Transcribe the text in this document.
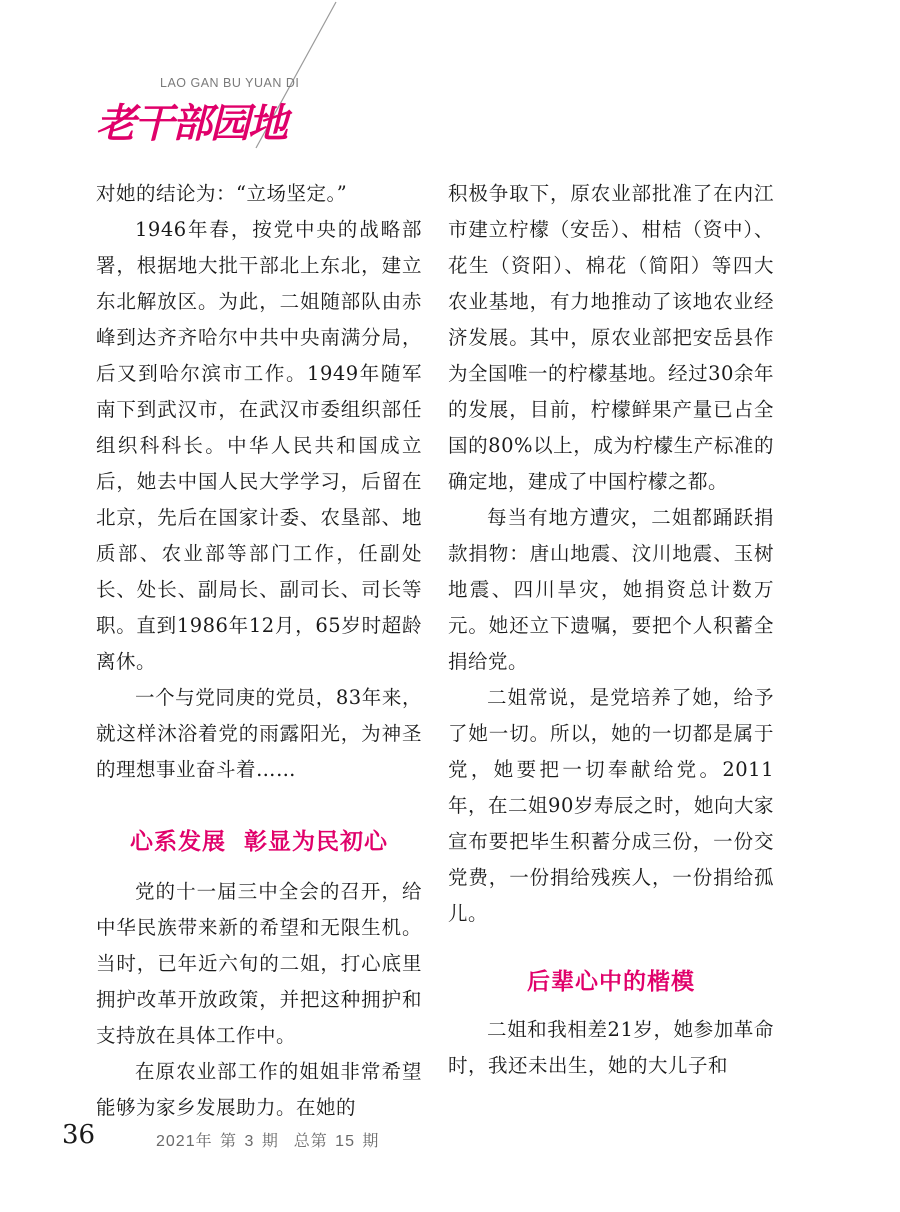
LAO GAN BU YUAN DI
老干部园地

对她的结论为：“立场坚定。”

1946年春，按党中央的战略部署，根据地大批干部北上东北，建立东北解放区。为此，二姐随部队由赤峰到达齐齐哈尔中共中央南满分局，后又到哈尔滨市工作。1949年随军南下到武汉市，在武汉市委组织部任组织科科长。中华人民共和国成立后，她去中国人民大学学习，后留在北京，先后在国家计委、农垦部、地质部、农业部等部门工作，任副处长、处长、副局长、副司长、司长等职。直到1986年12月，65岁时超龄离休。

一个与党同庚的党员，83年来，就这样沐浴着党的雨露阳光，为神圣的理想事业奋斗着……

心系发展  彰显为民初心

党的十一届三中全会的召开，给中华民族带来新的希望和无限生机。当时，已年近六旬的二姐，打心底里拥护改革开放政策，并把这种拥护和支持放在具体工作中。

在原农业部工作的姐姐非常希望能够为家乡发展助力。在她的

积极争取下，原农业部批准了在内江市建立柠檬（安岳）、柑桔（资中）、花生（资阳）、棉花（简阳）等四大农业基地，有力地推动了该地农业经济发展。其中，原农业部把安岳县作为全国唯一的柠檬基地。经过30余年的发展，目前，柠檬鲜果产量已占全国的80%以上，成为柠檬生产标准的确定地，建成了中国柠檬之都。

每当有地方遭灾，二姐都踊跃捐款捐物：唐山地震、汶川地震、玉树地震、四川旱灾，她捐资总计数万元。她还立下遗嘱，要把个人积蓄全捐给党。

二姐常说，是党培养了她，给予了她一切。所以，她的一切都是属于党，她要把一切奉献给党。2011年，在二姐90岁寿辰之时，她向大家宣布要把毕生积蓄分成三份，一份交党费，一份捐给残疾人，一份捐给孤儿。

后辈心中的楷模

二姐和我相差21岁，她参加革命时，我还未出生，她的大儿子和

36	2021年 第 3 期  总第 15 期
